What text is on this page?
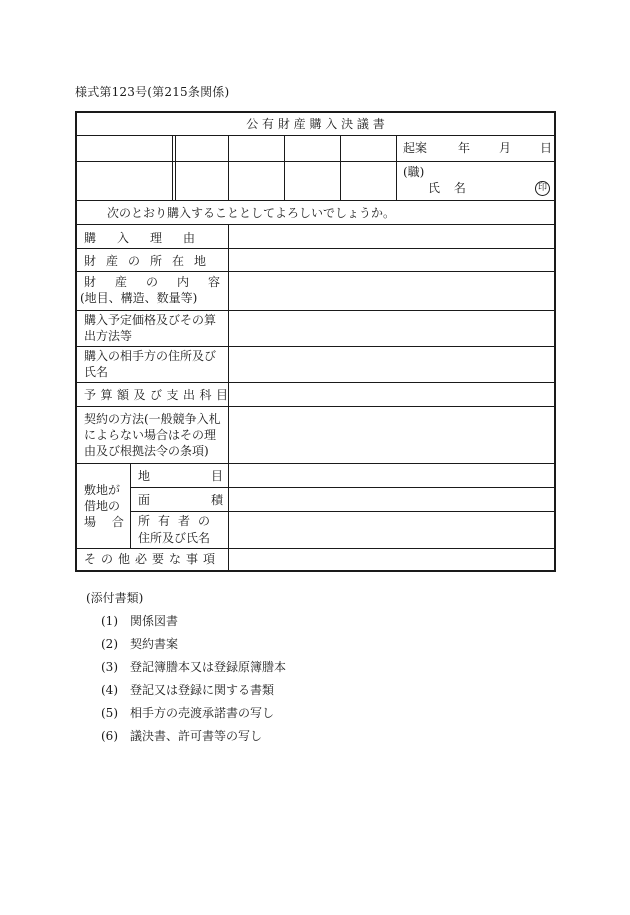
様式第123号(第215条関係)
公 有 財 産 購 入 決 議 書
起案	年 月 日
(職)
氏 名	印
次のとおり購入することとしてよろしいでしょうか。
購入理由
財産の所在地
財産の内容
(地目、構造、数量等)
購入予定価格及びその算
出方法等
購入の相手方の住所及び
氏名
予算額及び支出科目
契約の方法(一般競争入札
によらない場合はその理
由及び根拠法令の条項)
敷地が
借地の
場 合
地目
面積
所有者の
住所及び氏名
その他必要な事項
(添付書類)
(1) 関係図書
(2) 契約書案
(3) 登記簿謄本又は登録原簿謄本
(4) 登記又は登録に関する書類
(5) 相手方の売渡承諾書の写し
(6) 議決書、許可書等の写し
